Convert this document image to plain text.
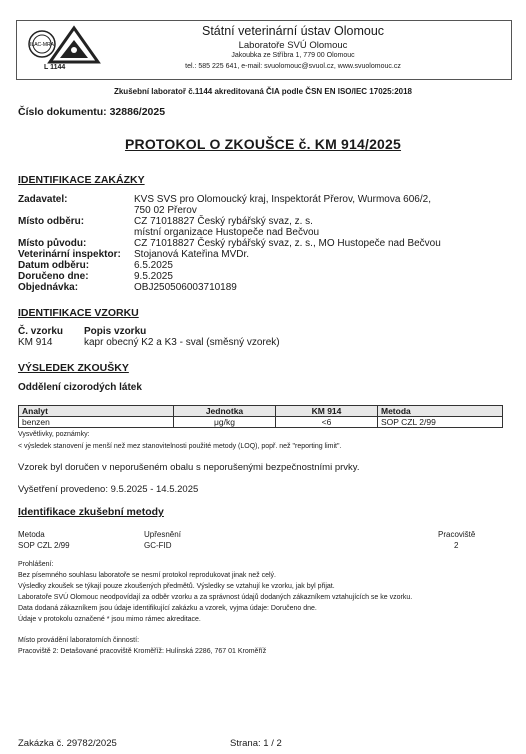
ILAC-MRA
L 1144
Státní veterinární ústav Olomouc
Laboratoře SVÚ Olomouc
Jakoubka ze Stříbra 1, 779 00 Olomouc
tel.: 585 225 641, e-mail: svuolomouc@svuol.cz, www.svuolomouc.cz
Zkušební laboratoř č.1144 akreditovaná ČIA podle ČSN EN ISO/IEC 17025:2018
Číslo dokumentu: 32886/2025
PROTOKOL O ZKOUŠCE č. KM 914/2025
IDENTIFIKACE ZAKÁZKY
Zadavatel:	KVS SVS pro Olomoucký kraj, Inspektorát Přerov, Wurmova 606/2,
750 02 Přerov
Místo odběru:	CZ 71018827 Český rybářský svaz, z. s.
místní organizace Hustopeče nad Bečvou
Místo původu:	CZ 71018827 Český rybářský svaz, z. s., MO Hustopeče nad Bečvou
Veterinární inspektor: Stojanová Kateřina MVDr.
Datum odběru:	6.5.2025
Doručeno dne:	9.5.2025
Objednávka:	OBJ250506003710189
IDENTIFIKACE VZORKU
Č. vzorku Popis vzorku
KM 914	kapr obecný K2 a K3 - sval (směsný vzorek)
VÝSLEDEK ZKOUŠKY
Oddělení cizorodých látek
Analyt	Jednotka	KM 914	Metoda
benzen	μg/kg	<6	SOP CZL 2/99
Vysvětlivky, poznámky:
< výsledek stanovení je menší než mez stanovitelnosti použité metody (LOQ), popř. než "reporting limit".
Vzorek byl doručen v neporušeném obalu s neporušenými bezpečnostními prvky.
Vyšetření provedeno: 9.5.2025 - 14.5.2025
Identifikace zkušební metody
Metoda	Upřesnění	Pracoviště
SOP CZL 2/99	GC-FID	2
Prohlášení:
Bez písemného souhlasu laboratoře se nesmí protokol reprodukovat jinak než celý.
Výsledky zkoušek se týkají pouze zkoušených předmětů. Výsledky se vztahují ke vzorku, jak byl přijat.
Laboratoře SVÚ Olomouc neodpovídají za odběr vzorku a za správnost údajů dodaných zákazníkem vztahujících se ke vzorku.
Data dodaná zákazníkem jsou údaje identifikující zakázku a vzorek, vyjma údaje: Doručeno dne.
Údaje v protokolu označené * jsou mimo rámec akreditace.
Místo provádění laboratorních činností:
Pracoviště 2: Detašované pracoviště Kroměříž: Hulínská 2286, 767 01 Kroměříž
Zakázka č. 29782/2025	Strana: 1 / 2
